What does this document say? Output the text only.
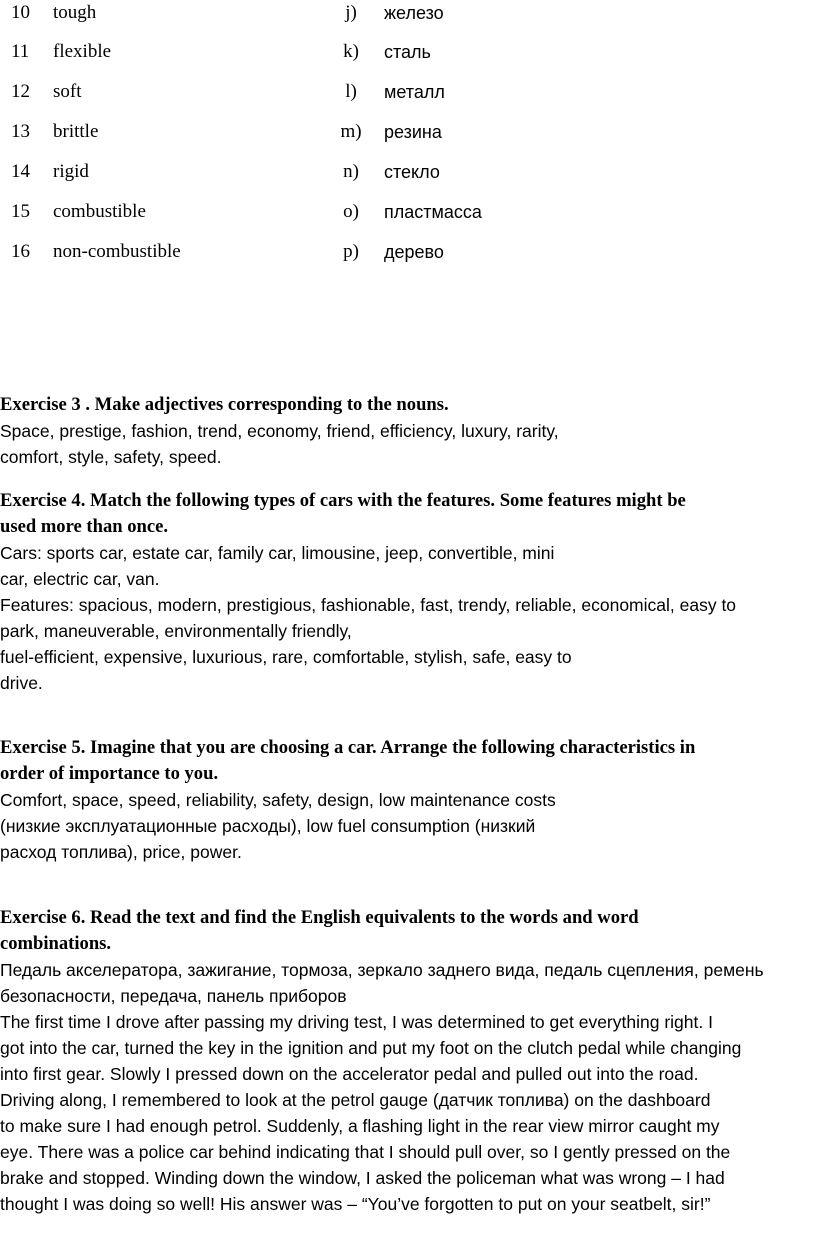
10 tough	j)	железо
11 flexible	k)	сталь
12 soft	l)	металл
13 brittle	m) резина
14 rigid	n)	стекло
15 combustible	o)	пластмасса
16 non-combustible	p)	дерево
Exercise 3 . Make adjectives corresponding to the nouns.
Space, prestige, fashion, trend, economy, friend, efficiency, luxury, rarity,
comfort, style, safety, speed.
Exercise 4. Match the following types of cars with the features. Some features might be
used more than once.
Cars: sports car, estate car, family car, limousine, jeep, convertible, mini
car, electric car, van.
Features: spacious, modern, prestigious, fashionable, fast, trendy, reliable, economical, easy to
park, maneuverable, environmentally friendly,
fuel-efficient, expensive, luxurious, rare, comfortable, stylish, safe, easy to
drive.
Exercise 5. Imagine that you are choosing a car. Arrange the following characteristics in
order of importance to you.
Comfort, space, speed, reliability, safety, design, low maintenance costs
(низкие эксплуатационные расходы), low fuel consumption (низкий
расход топлива), price, power.
Exercise 6. Read the text and find the English equivalents to the words and word
combinations.
Педаль акселератора, зажигание, тормоза, зеркало заднего вида, педаль сцепления, ремень
безопасности, передача, панель приборов
The first time I drove after passing my driving test, I was determined to get everything right. I
got into the car, turned the key in the ignition and put my foot on the clutch pedal while changing
into first gear. Slowly I pressed down on the accelerator pedal and pulled out into the road.
Driving along, I remembered to look at the petrol gauge (датчик топлива) on the dashboard
to make sure I had enough petrol. Suddenly, a flashing light in the rear view mirror caught my
eye. There was a police car behind indicating that I should pull over, so I gently pressed on the
brake and stopped. Winding down the window, I asked the policeman what was wrong – I had
thought I was doing so well! His answer was – “You’ve forgotten to put on your seatbelt, sir!”
